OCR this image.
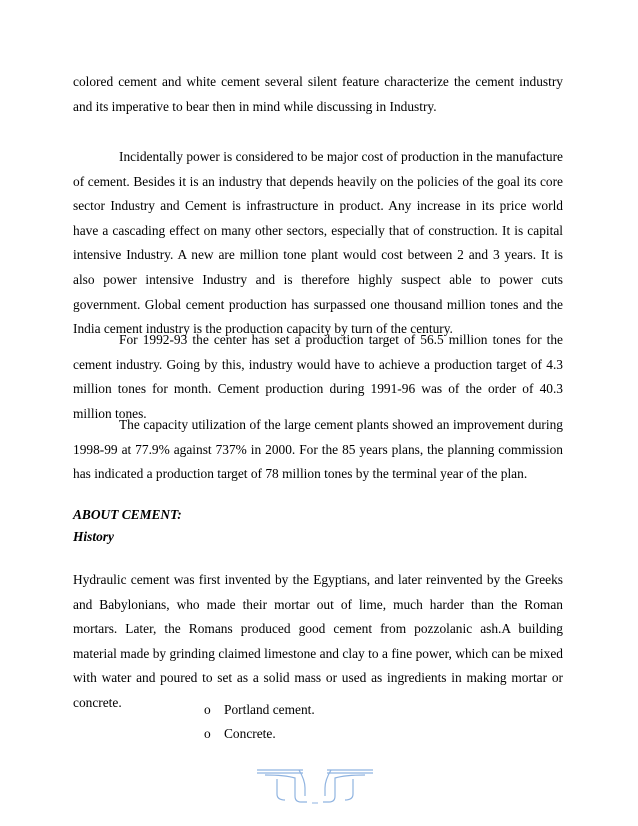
colored cement and white cement several silent feature characterize the cement industry and its imperative to bear then in mind while discussing in Industry.

Incidentally power is considered to be major cost of production in the manufacture of cement. Besides it is an industry that depends heavily on the policies of the goal its core sector Industry and Cement is infrastructure in product. Any increase in its price world have a cascading effect on many other sectors, especially that of construction. It is capital intensive Industry. A new are million tone plant would cost between 2 and 3 years. It is also power intensive Industry and is therefore highly suspect able to power cuts government. Global cement production has surpassed one thousand million tones and the India cement industry is the production capacity by turn of the century.

For 1992-93 the center has set a production target of 56.5 million tones for the cement industry. Going by this, industry would have to achieve a production target of 4.3 million tones for month. Cement production during 1991-96 was of the order of 40.3 million tones.

The capacity utilization of the large cement plants showed an improvement during 1998-99 at 77.9% against 737% in 2000. For the 85 years plans, the planning commission has indicated a production target of 78 million tones by the terminal year of the plan.

ABOUT CEMENT:
History

Hydraulic cement was first invented by the Egyptians, and later reinvented by the Greeks and Babylonians, who made their mortar out of lime, much harder than the Roman mortars. Later, the Romans produced good cement from pozzolanic ash.A building material made by grinding claimed limestone and clay to a fine power, which can be mixed with water and poured to set as a solid mass or used as ingredients in making mortar or concrete.	o Portland cement.
o Concrete.
